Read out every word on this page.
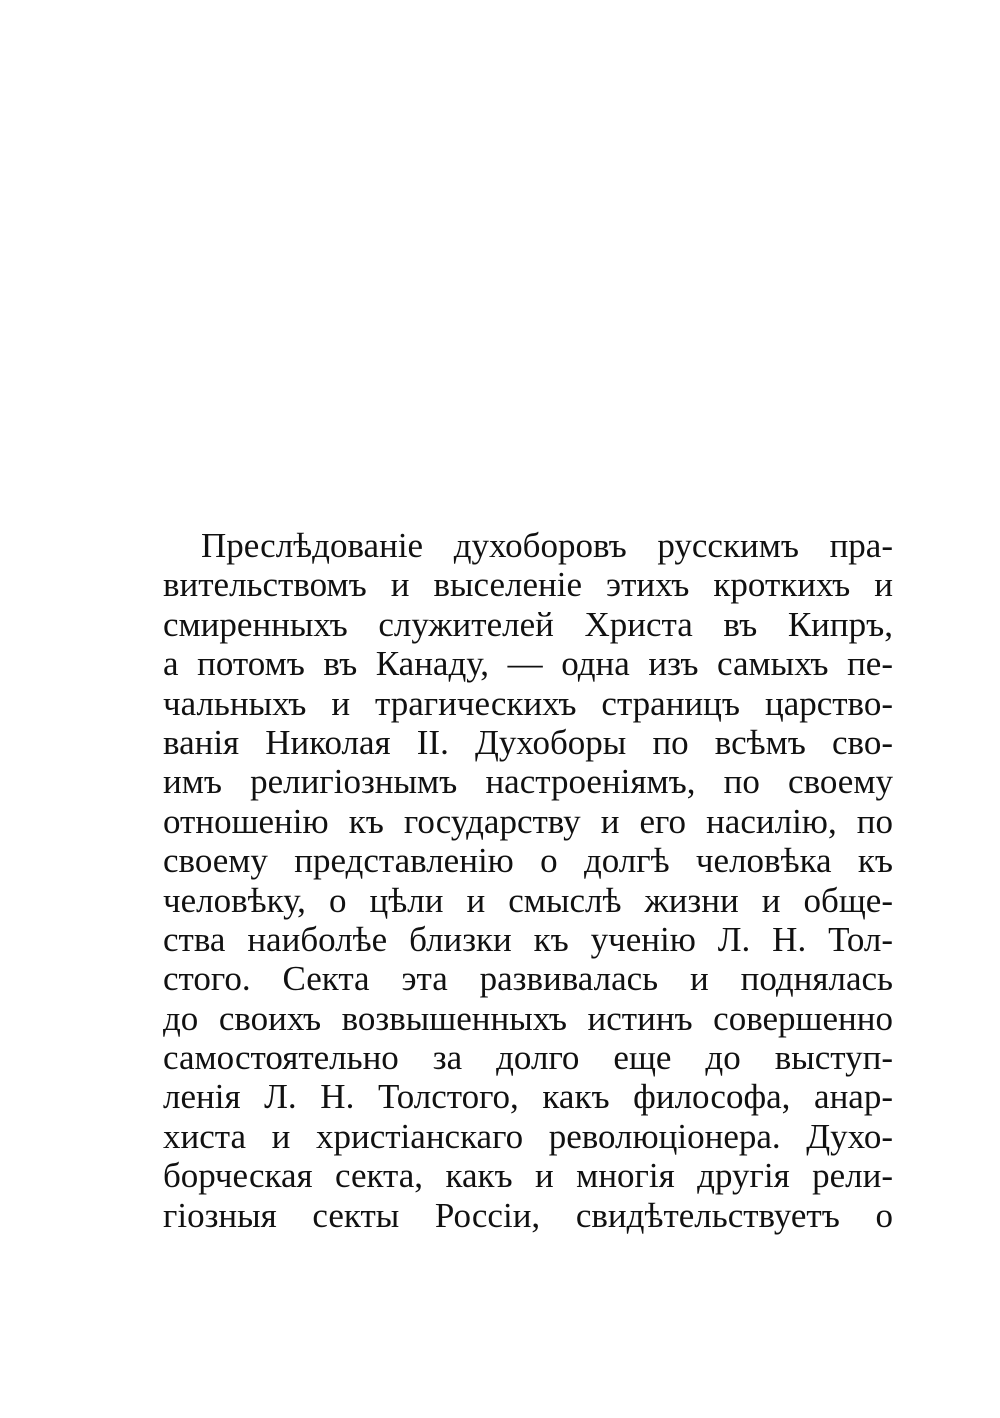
Преслѣдованіе духоборовъ русскимъ пра-
вительствомъ и выселеніе этихъ кроткихъ и
смиренныхъ служителей Христа въ Кипръ,
а потомъ въ Канаду, — одна изъ самыхъ пе-
чальныхъ и трагическихъ страницъ царство-
ванія Николая II. Духоборы по всѣмъ сво-
имъ религіознымъ настроеніямъ, по своему
отношенію къ государству и его насилію, по
своему представленію о долгѣ человѣка къ
человѣку, о цѣли и смыслѣ жизни и обще-
ства наиболѣе близки къ ученію Л. Н. Тол-
стого. Секта эта развивалась и поднялась
до своихъ возвышенныхъ истинъ совершенно
самостоятельно за долго еще до выступ-
ленія Л. Н. Толстого, какъ философа, анар-
хиста и христіанскаго революціонера. Духо-
борческая секта, какъ и многія другія рели-
гіозныя секты Россіи, свидѣтельствуетъ о
